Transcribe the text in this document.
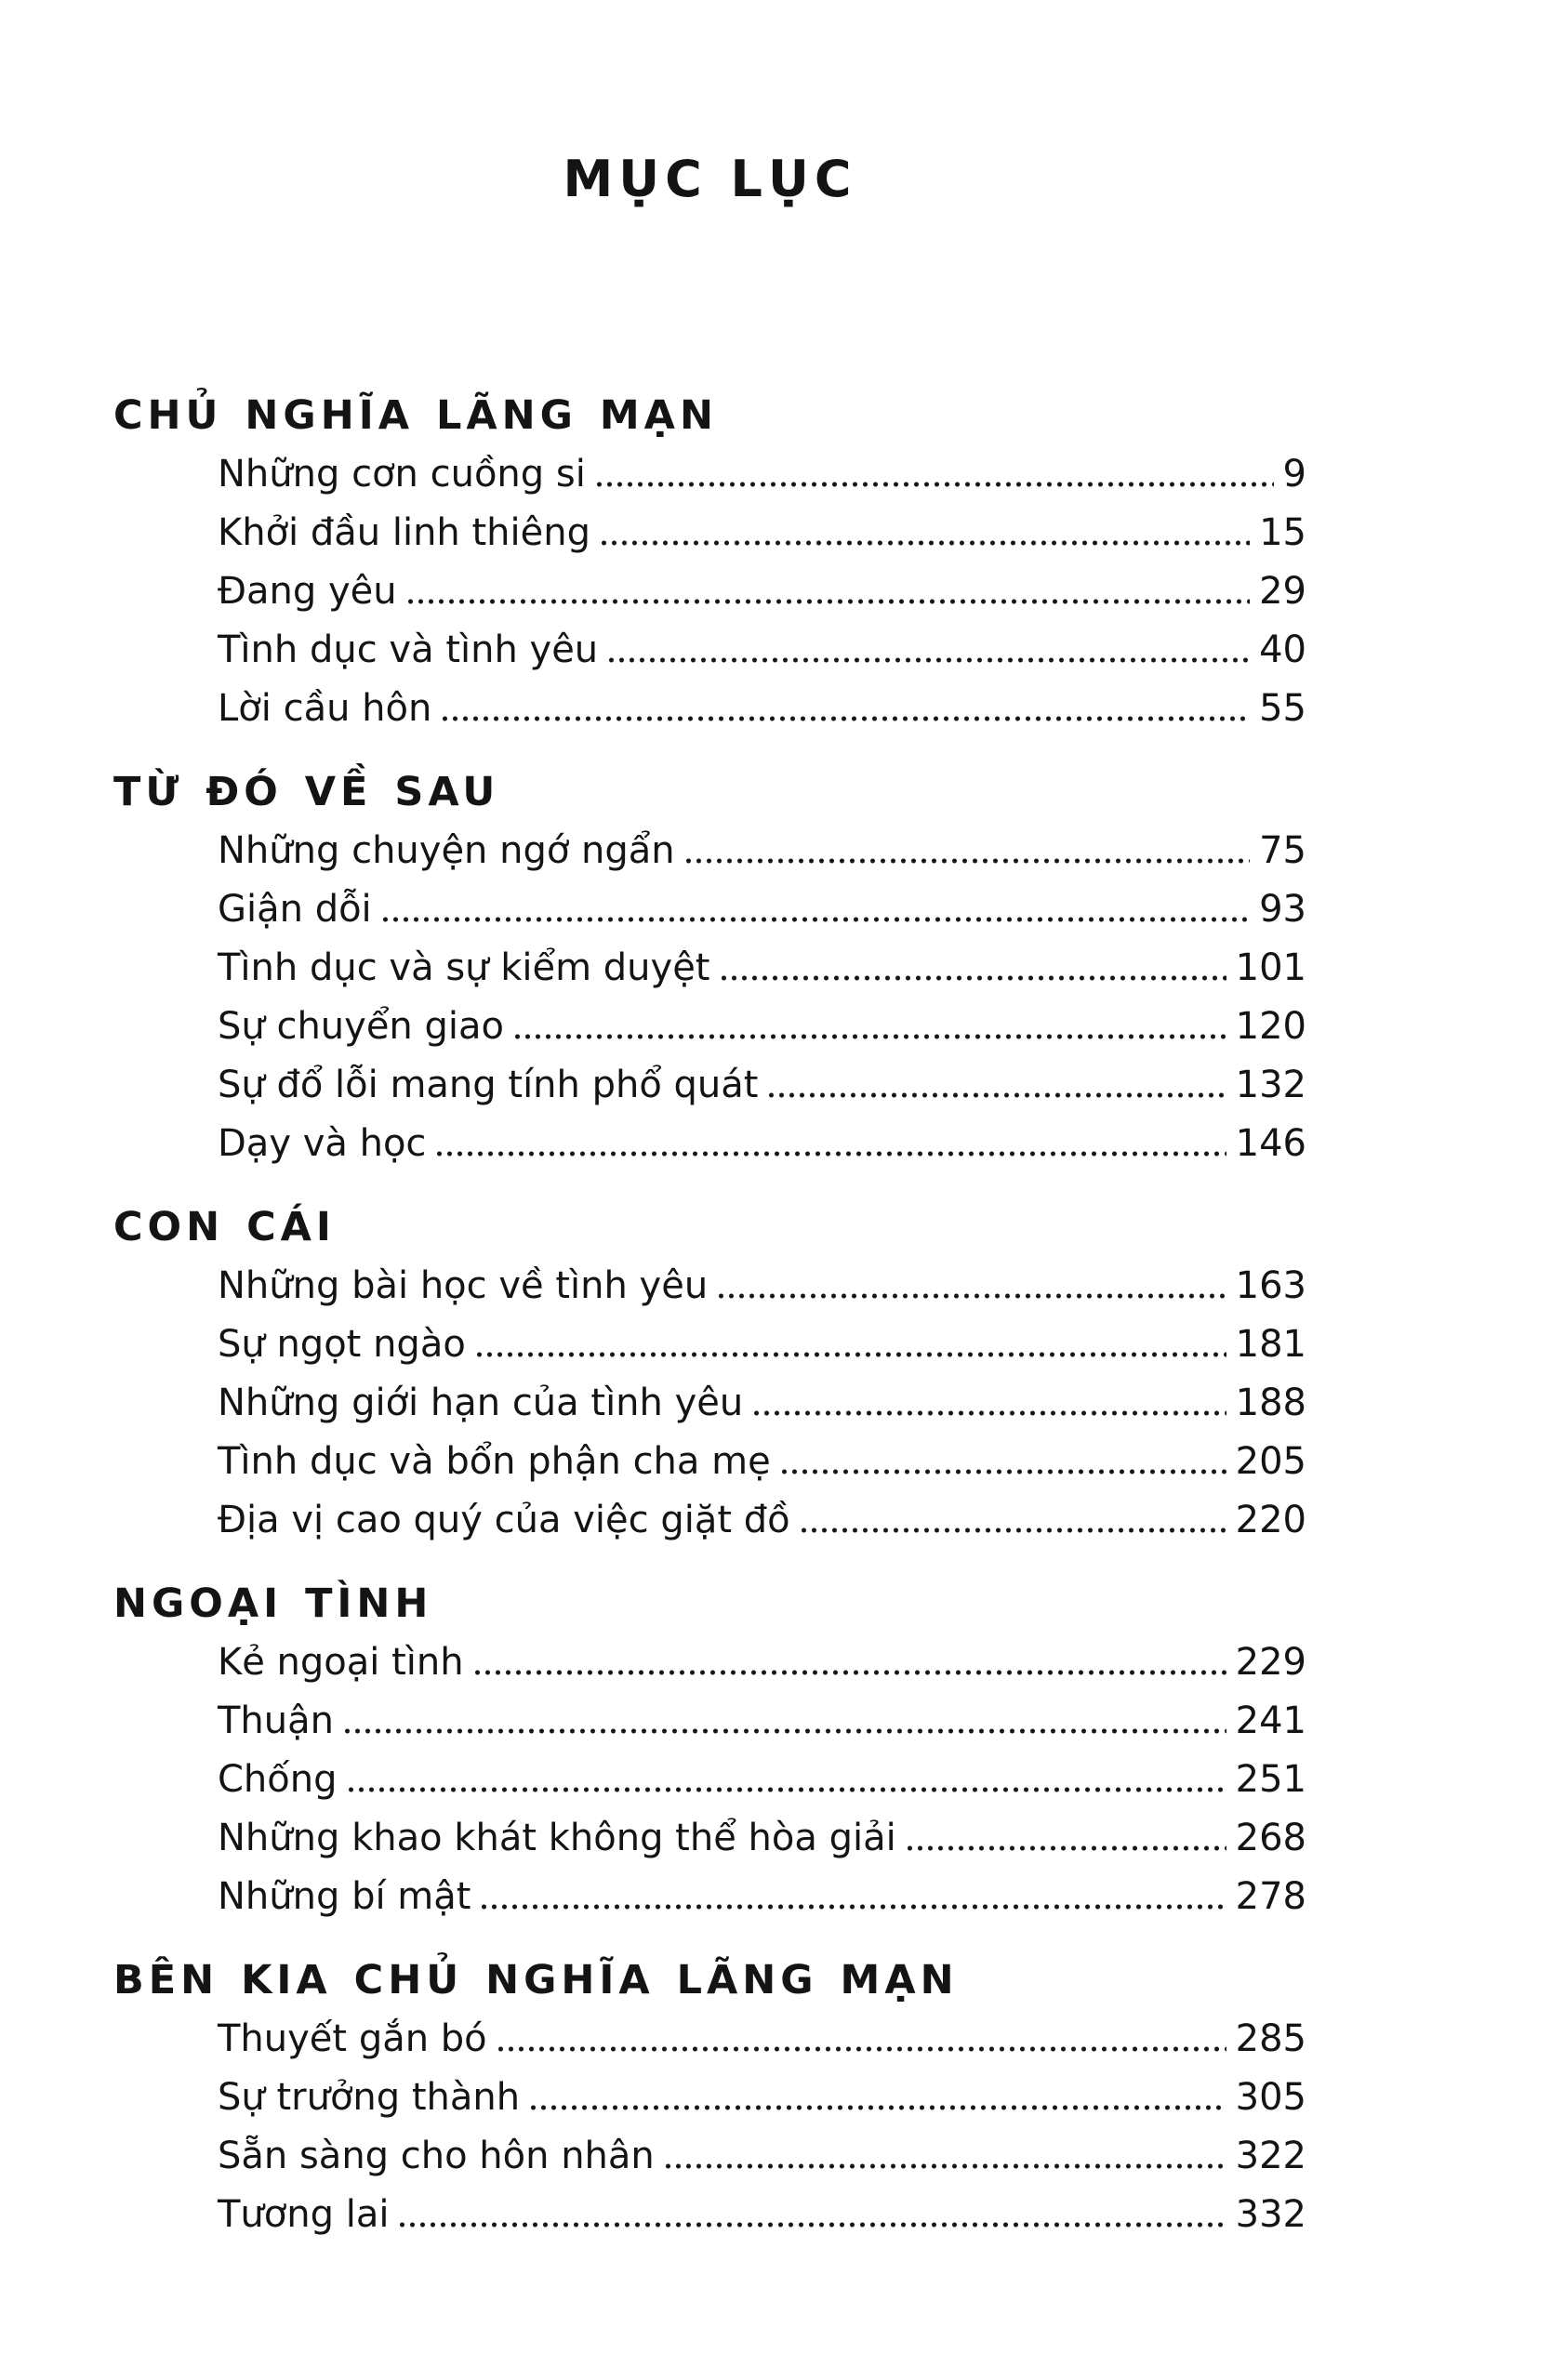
MỤC LỤC
CHỦ NGHĨA LÃNG MẠN
Những cơn cuồng si	9
Khởi đầu linh thiêng	15
Đang yêu	29
Tình dục và tình yêu	40
Lời cầu hôn	55
TỪ ĐÓ VỀ SAU
Những chuyện ngớ ngẩn	75
Giận dỗi	93
Tình dục và sự kiểm duyệt	101
Sự chuyển giao	120
Sự đổ lỗi mang tính phổ quát	132
Dạy và học	146
CON CÁI
Những bài học về tình yêu	163
Sự ngọt ngào	181
Những giới hạn của tình yêu	188
Tình dục và bổn phận cha mẹ	205
Địa vị cao quý của việc giặt đồ	220
NGOẠI TÌNH
Kẻ ngoại tình	229
Thuận	241
Chống	251
Những khao khát không thể hòa giải	268
Những bí mật	278
BÊN KIA CHỦ NGHĨA LÃNG MẠN
Thuyết gắn bó	285
Sự trưởng thành	305
Sẵn sàng cho hôn nhân	322
Tương lai	332
